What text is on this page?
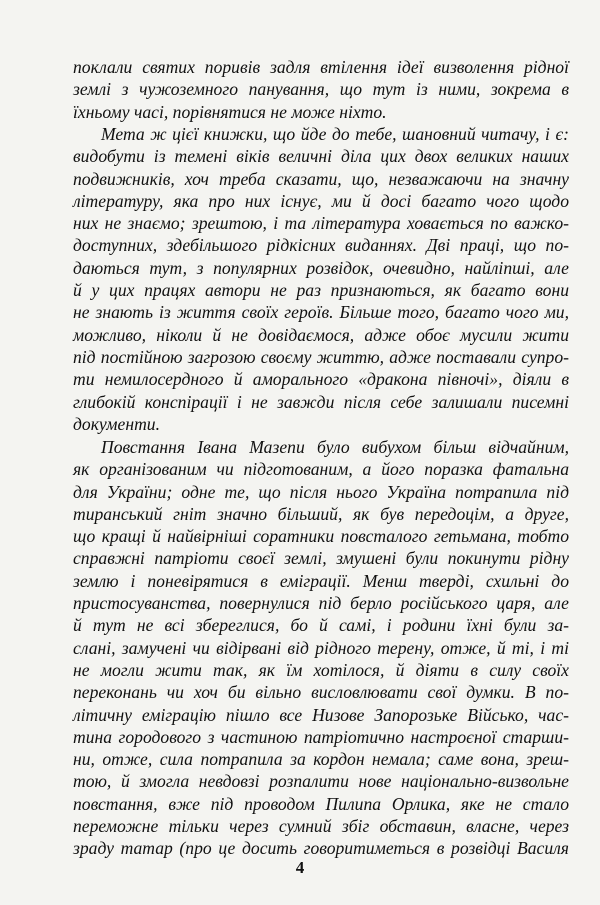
поклали святих поривів задля втілення ідеї визволення рідної
землі з чужоземного панування, що тут із ними, зокрема в
їхньому часі, порівнятися не може ніхто.
Мета ж цієї книжки, що йде до тебе, шановний читачу, і є:
видобути із темені віків величні діла цих двох великих наших
подвижників, хоч треба сказати, що, незважаючи на значну
літературу, яка про них існує, ми й досі багато чого щодо
них не знаємо; зрештою, і та література ховається по важко-
доступних, здебільшого рідкісних виданнях. Дві праці, що по-
даються тут, з популярних розвідок, очевидно, найліпші, але
й у цих працях автори не раз признаються, як багато вони
не знають із життя своїх героїв. Більше того, багато чого ми,
можливо, ніколи й не довідаємося, адже обоє мусили жити
під постійною загрозою своєму життю, адже поставали супро-
ти немилосердного й аморального «дракона півночі», діяли в
глибокій конспірації і не завжди після себе залишали писемні
документи.
Повстання Івана Мазепи було вибухом більш відчайним,
як організованим чи підготованим, а його поразка фатальна
для України; одне те, що після нього Україна потрапила під
тиранський гніт значно більший, як був передоцім, а друге,
що кращі й найвірніші соратники повсталого гетьмана, тобто
справжні патріоти своєї землі, змушені були покинути рідну
землю і поневірятися в еміграції. Менш тверді, схильні до
пристосуванства, повернулися під берло російського царя, але
й тут не всі збереглися, бо й самі, і родини їхні були за-
слані, замучені чи відірвані від рідного терену, отже, й ті, і ті
не могли жити так, як їм хотілося, й діяти в силу своїх
переконань чи хоч би вільно висловлювати свої думки. В по-
літичну еміграцію пішло все Низове Запорозьке Військо, час-
тина городового з частиною патріотично настроєної старши-
ни, отже, сила потрапила за кордон немала; саме вона, зреш-
тою, й змогла невдовзі розпалити нове національно-визвольне
повстання, вже під проводом Пилипа Орлика, яке не стало
переможне тільки через сумний збіг обставин, власне, через
зраду татар (про це досить говоритиметься в розвідці Василя
4
